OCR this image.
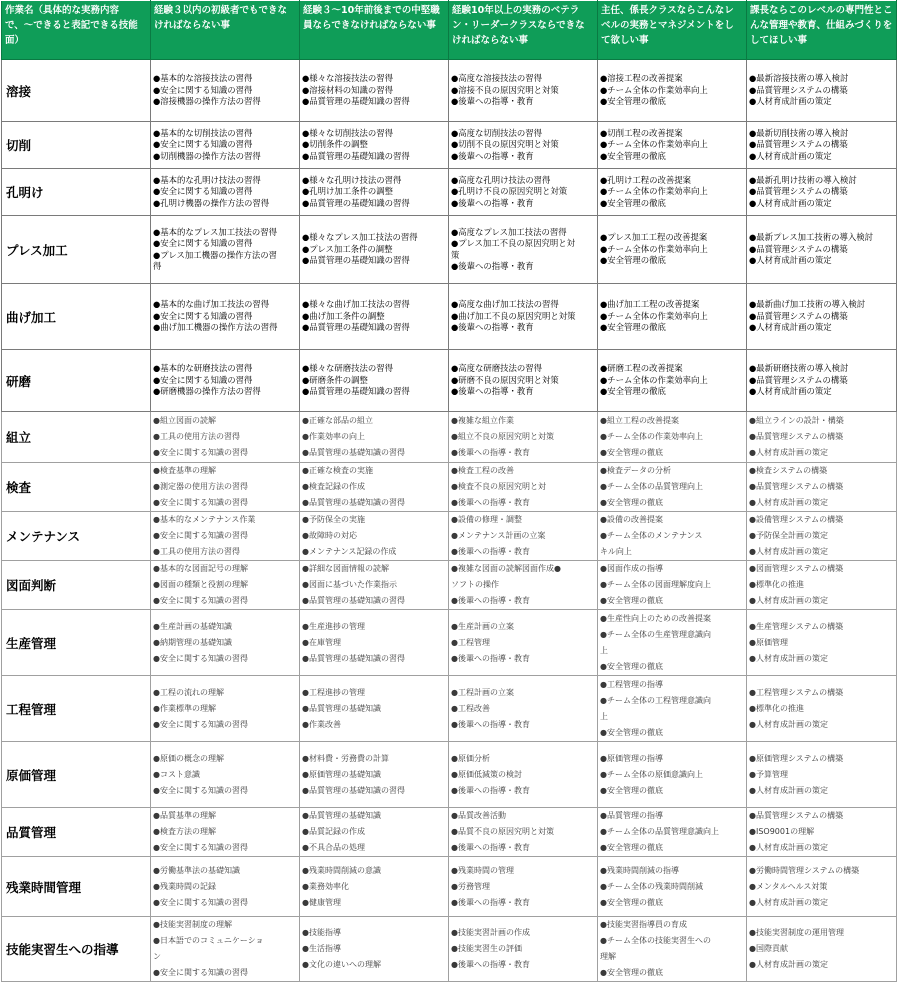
作業名（具体的な実務内容で、〜できると表記できる技能面）	経験３以内の初級者でもできなければならない事	経験３〜10年前後までの中堅職員ならできなければならない事	経験10年以上の実務のベテラン・リーダークラスならできなければならない事	主任、係長クラスならこんなレベルの実務とマネジメントをして欲しい事	課長ならこのレベルの専門性とこんな管理や教育、仕組みづくりをしてほしい事
溶接	●基本的な溶接技法の習得
●安全に関する知識の習得
●溶接機器の操作方法の習得	●様々な溶接技法の習得
●溶接材料の知識の習得
●品質管理の基礎知識の習得	●高度な溶接技法の習得
●溶接不良の原因究明と対策
●後輩への指導・教育	●溶接工程の改善提案
●チーム全体の作業効率向上
●安全管理の徹底	●最新溶接技術の導入検討
●品質管理システムの構築
●人材育成計画の策定

切削	●基本的な切削技法の習得
●安全に関する知識の習得
●切削機器の操作方法の習得	●様々な切削技法の習得
●切削条件の調整
●品質管理の基礎知識の習得	●高度な切削技法の習得
●切削不良の原因究明と対策
●後輩への指導・教育	●切削工程の改善提案
●チーム全体の作業効率向上
●安全管理の徹底	●最新切削技術の導入検討
●品質管理システムの構築
●人材育成計画の策定

孔明け	●基本的な孔明け技法の習得
●安全に関する知識の習得
●孔明け機器の操作方法の習得	●様々な孔明け技法の習得
●孔明け加工条件の調整
●品質管理の基礎知識の習得	●高度な孔明け技法の習得
●孔明け不良の原因究明と対策
●後輩への指導・教育	●孔明け工程の改善提案
●チーム全体の作業効率向上
●安全管理の徹底	●最新孔明け技術の導入検討
●品質管理システムの構築
●人材育成計画の策定

プレス加工	●基本的なプレス加工技法の習得
●安全に関する知識の習得
●プレス加工機器の操作方法の習
得	●様々なプレス加工技法の習得
●プレス加工条件の調整
●品質管理の基礎知識の習得	●高度なプレス加工技法の習得
●プレス加工不良の原因究明と対
策
●後輩への指導・教育	●プレス加工工程の改善提案
●チーム全体の作業効率向上
●安全管理の徹底	●最新プレス加工技術の導入検討
●品質管理システムの構築
●人材育成計画の策定

曲げ加工	●基本的な曲げ加工技法の習得
●安全に関する知識の習得
●曲げ加工機器の操作方法の習得	●様々な曲げ加工技法の習得
●曲げ加工条件の調整
●品質管理の基礎知識の習得	●高度な曲げ加工技法の習得
●曲げ加工不良の原因究明と対策
●後輩への指導・教育	●曲げ加工工程の改善提案
●チーム全体の作業効率向上
●安全管理の徹底	●最新曲げ加工技術の導入検討
●品質管理システムの構築
●人材育成計画の策定

研磨	●基本的な研磨技法の習得
●安全に関する知識の習得
●研磨機器の操作方法の習得	●様々な研磨技法の習得
●研磨条件の調整
●品質管理の基礎知識の習得	●高度な研磨技法の習得
●研磨不良の原因究明と対策
●後輩への指導・教育	●研磨工程の改善提案
●チーム全体の作業効率向上
●安全管理の徹底	●最新研磨技術の導入検討
●品質管理システムの構築
●人材育成計画の策定

組立	●組立図面の読解
●工具の使用方法の習得
●安全に関する知識の習得	●正確な部品の組立
●作業効率の向上
●品質管理の基礎知識の習得	●複雑な組立作業
●組立不良の原因究明と対策
●後輩への指導・教育	●組立工程の改善提案
●チーム全体の作業効率向上
●安全管理の徹底	●組立ラインの設計・構築
●品質管理システムの構築
●人材育成計画の策定

検査	●検査基準の理解
●測定器の使用方法の習得
●安全に関する知識の習得	●正確な検査の実施
●検査記録の作成
●品質管理の基礎知識の習得	●検査工程の改善
●検査不良の原因究明と対
●後輩への指導・教育	●検査データの分析
●チーム全体の品質管理向上
●安全管理の徹底	●検査システムの構築
●品質管理システムの構築
●人材育成計画の策定

メンテナンス	●基本的なメンテナンス作業
●安全に関する知識の習得
●工具の使用方法の習得	●予防保全の実施
●故障時の対応
●メンテナンス記録の作成	●設備の修理・調整
●メンテナンス計画の立案
●後輩への指導・教育	●設備の改善提案
●チーム全体のメンテナンス
キル向上	●設備管理システムの構築
●予防保全計画の策定
●人材育成計画の策定

図面判断	●基本的な図面記号の理解
●図面の種類と役割の理解
●安全に関する知識の習得	●詳細な図面情報の読解
●図面に基づいた作業指示
●品質管理の基礎知識の習得	●複雑な図面の読解図面作成●
ソフトの操作
●後輩への指導・教育	●図面作成の指導
●チーム全体の図面理解度向上
●安全管理の徹底	●図面管理システムの構築
●標準化の推進
●人材育成計画の策定

生産管理	●生産計画の基礎知識
●納期管理の基礎知識
●安全に関する知識の習得	●生産進捗の管理
●在庫管理
●品質管理の基礎知識の習得	●生産計画の立案
●工程管理
●後輩への指導・教育	●生産性向上のための改善提案
●チーム全体の生産管理意識向
上
●安全管理の徹底	●生産管理システムの構築
●原価管理
●人材育成計画の策定

工程管理	●工程の流れの理解
●作業標準の理解
●安全に関する知識の習得	●工程進捗の管理
●品質管理の基礎知識
●作業改善	●工程計画の立案
●工程改善
●後輩への指導・教育	●工程管理の指導
●チーム全体の工程管理意識向
上
●安全管理の徹底	●工程管理システムの構築
●標準化の推進
●人材育成計画の策定

原価管理	●原価の概念の理解
●コスト意識
●安全に関する知識の習得	●材料費・労務費の計算
●原価管理の基礎知識
●品質管理の基礎知識の習得	●原価分析
●原価低減策の検討
●後輩への指導・教育	●原価管理の指導
●チーム全体の原価意識向上
●安全管理の徹底	●原価管理システムの構築
●予算管理
●人材育成計画の策定

品質管理	●品質基準の理解
●検査方法の理解
●安全に関する知識の習得	●品質管理の基礎知識
●品質記録の作成
●不具合品の処理	●品質改善活動
●品質不良の原因究明と対策
●後輩への指導・教育	●品質管理の指導
●チーム全体の品質管理意識向上
●安全管理の徹底	●品質管理システムの構築
●ISO9001の理解
●人材育成計画の策定

残業時間管理	●労働基準法の基礎知識
●残業時間の記録
●安全に関する知識の習得	●残業時間削減の意識
●業務効率化
●健康管理	●残業時間の管理
●労務管理
●後輩への指導・教育	●残業時間削減の指導
●チーム全体の残業時間削減
●安全管理の徹底	●労働時間管理システムの構築
●メンタルヘルス対策
●人材育成計画の策定

技能実習生への指導	●技能実習制度の理解
●日本語でのコミュニケーショ
ン
●安全に関する知識の習得	●技能指導
●生活指導
●文化の違いへの理解	●技能実習計画の作成
●技能実習生の評価
●後輩への指導・教育	●技能実習指導員の育成
●チーム全体の技能実習生への
理解
●安全管理の徹底	●技能実習制度の運用管理
●国際貢献
●人材育成計画の策定
